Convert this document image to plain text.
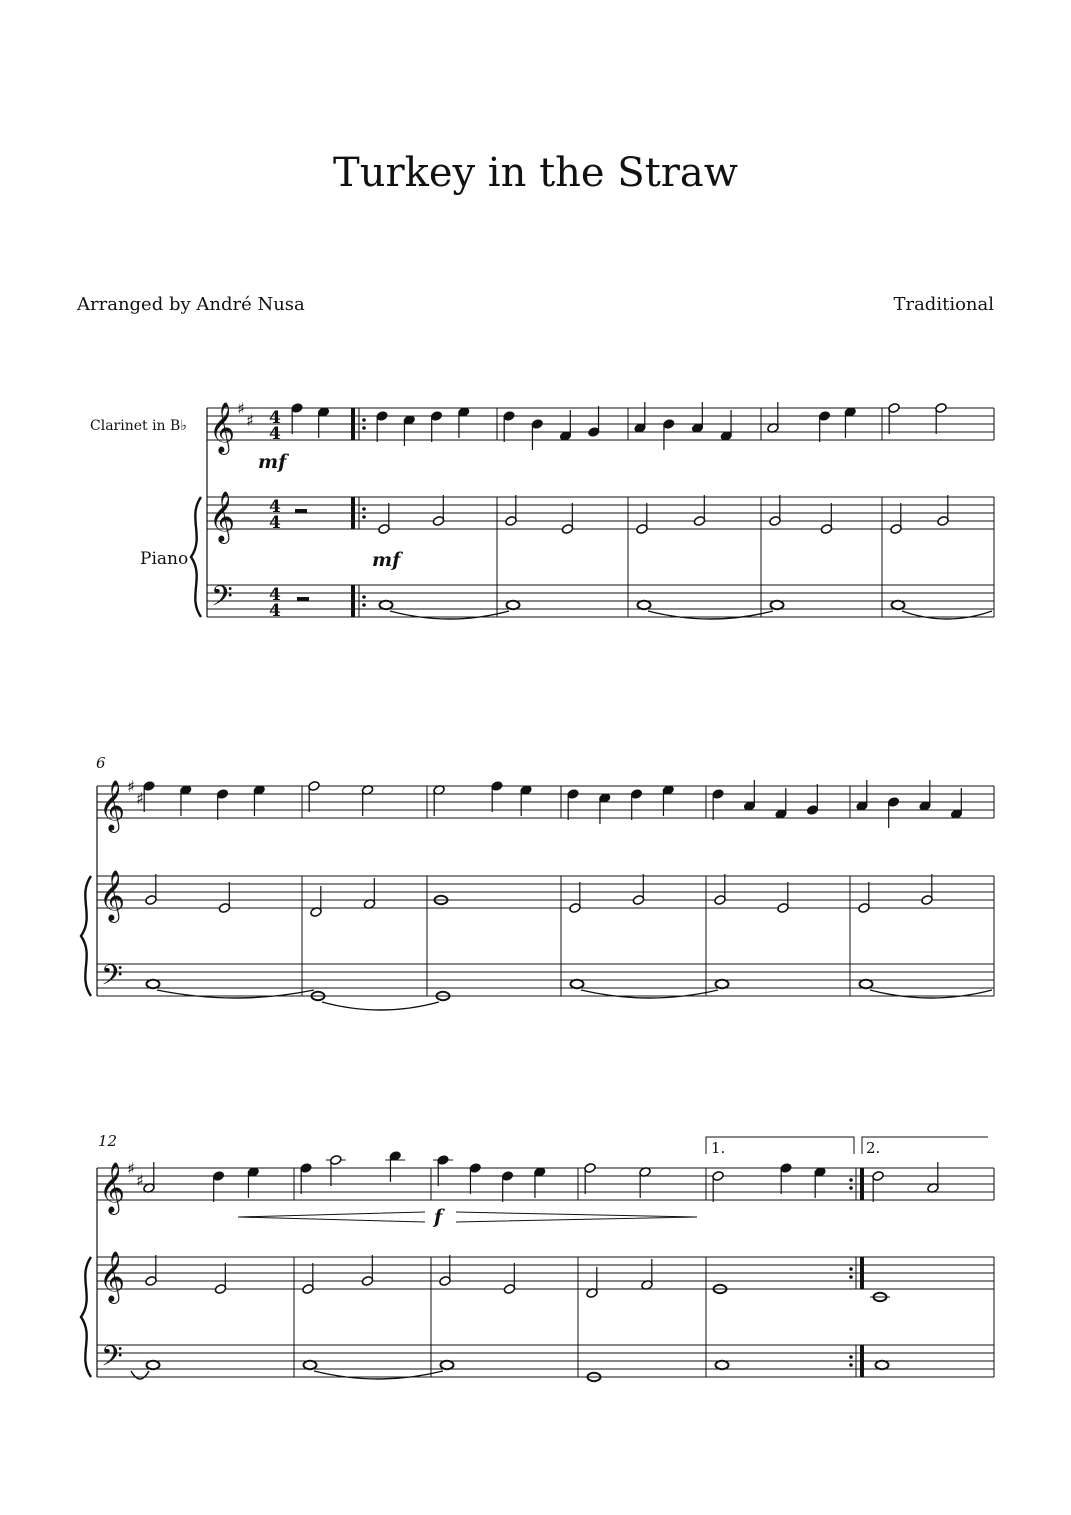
Turkey in the Straw
Arranged by André Nusa	Traditional
𝄞 ♯
♯
𝄞
𝄢
4
4
4
4
4
4
𝄞 ♯
♯
𝄞
𝄢
𝄞 ♯
♯
𝄞
𝄢
mf
mf
f
6
12	1.	2.
Clarinet in B♭
Piano
